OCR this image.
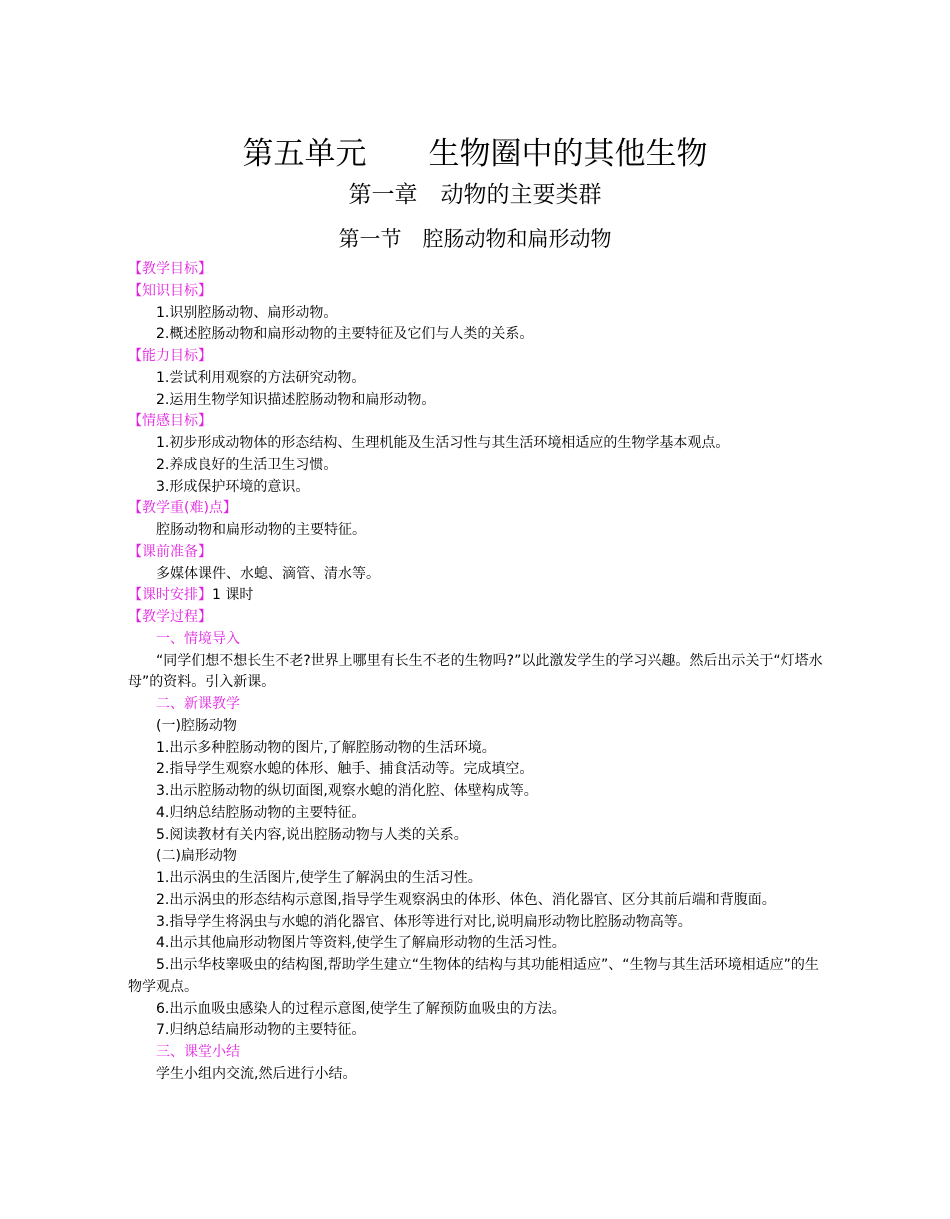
第五单元　　生物圈中的其他生物
第一章　动物的主要类群
第一节　腔肠动物和扁形动物
【教学目标】
【知识目标】
1.识别腔肠动物、扁形动物。
2.概述腔肠动物和扁形动物的主要特征及它们与人类的关系。
【能力目标】
1.尝试利用观察的方法研究动物。
2.运用生物学知识描述腔肠动物和扁形动物。
【情感目标】
1.初步形成动物体的形态结构、生理机能及生活习性与其生活环境相适应的生物学基本观点。
2.养成良好的生活卫生习惯。
3.形成保护环境的意识。
【教学重(难)点】
腔肠动物和扁形动物的主要特征。
【课前准备】
多媒体课件、水螅、滴管、清水等。
【课时安排】1 课时
【教学过程】
一、情境导入
“同学们想不想长生不老?世界上哪里有长生不老的生物吗?”以此激发学生的学习兴趣。然后出示关于“灯塔水母”的资料。引入新课。
二、新课教学
(一)腔肠动物
1.出示多种腔肠动物的图片,了解腔肠动物的生活环境。
2.指导学生观察水螅的体形、触手、捕食活动等。完成填空。
3.出示腔肠动物的纵切面图,观察水螅的消化腔、体壁构成等。
4.归纳总结腔肠动物的主要特征。
5.阅读教材有关内容,说出腔肠动物与人类的关系。
(二)扁形动物
1.出示涡虫的生活图片,使学生了解涡虫的生活习性。
2.出示涡虫的形态结构示意图,指导学生观察涡虫的体形、体色、消化器官、区分其前后端和背腹面。
3.指导学生将涡虫与水螅的消化器官、体形等进行对比,说明扁形动物比腔肠动物高等。
4.出示其他扁形动物图片等资料,使学生了解扁形动物的生活习性。
5.出示华枝睾吸虫的结构图,帮助学生建立“生物体的结构与其功能相适应”、“生物与其生活环境相适应”的生物学观点。
6.出示血吸虫感染人的过程示意图,使学生了解预防血吸虫的方法。
7.归纳总结扁形动物的主要特征。
三、课堂小结
学生小组内交流,然后进行小结。
